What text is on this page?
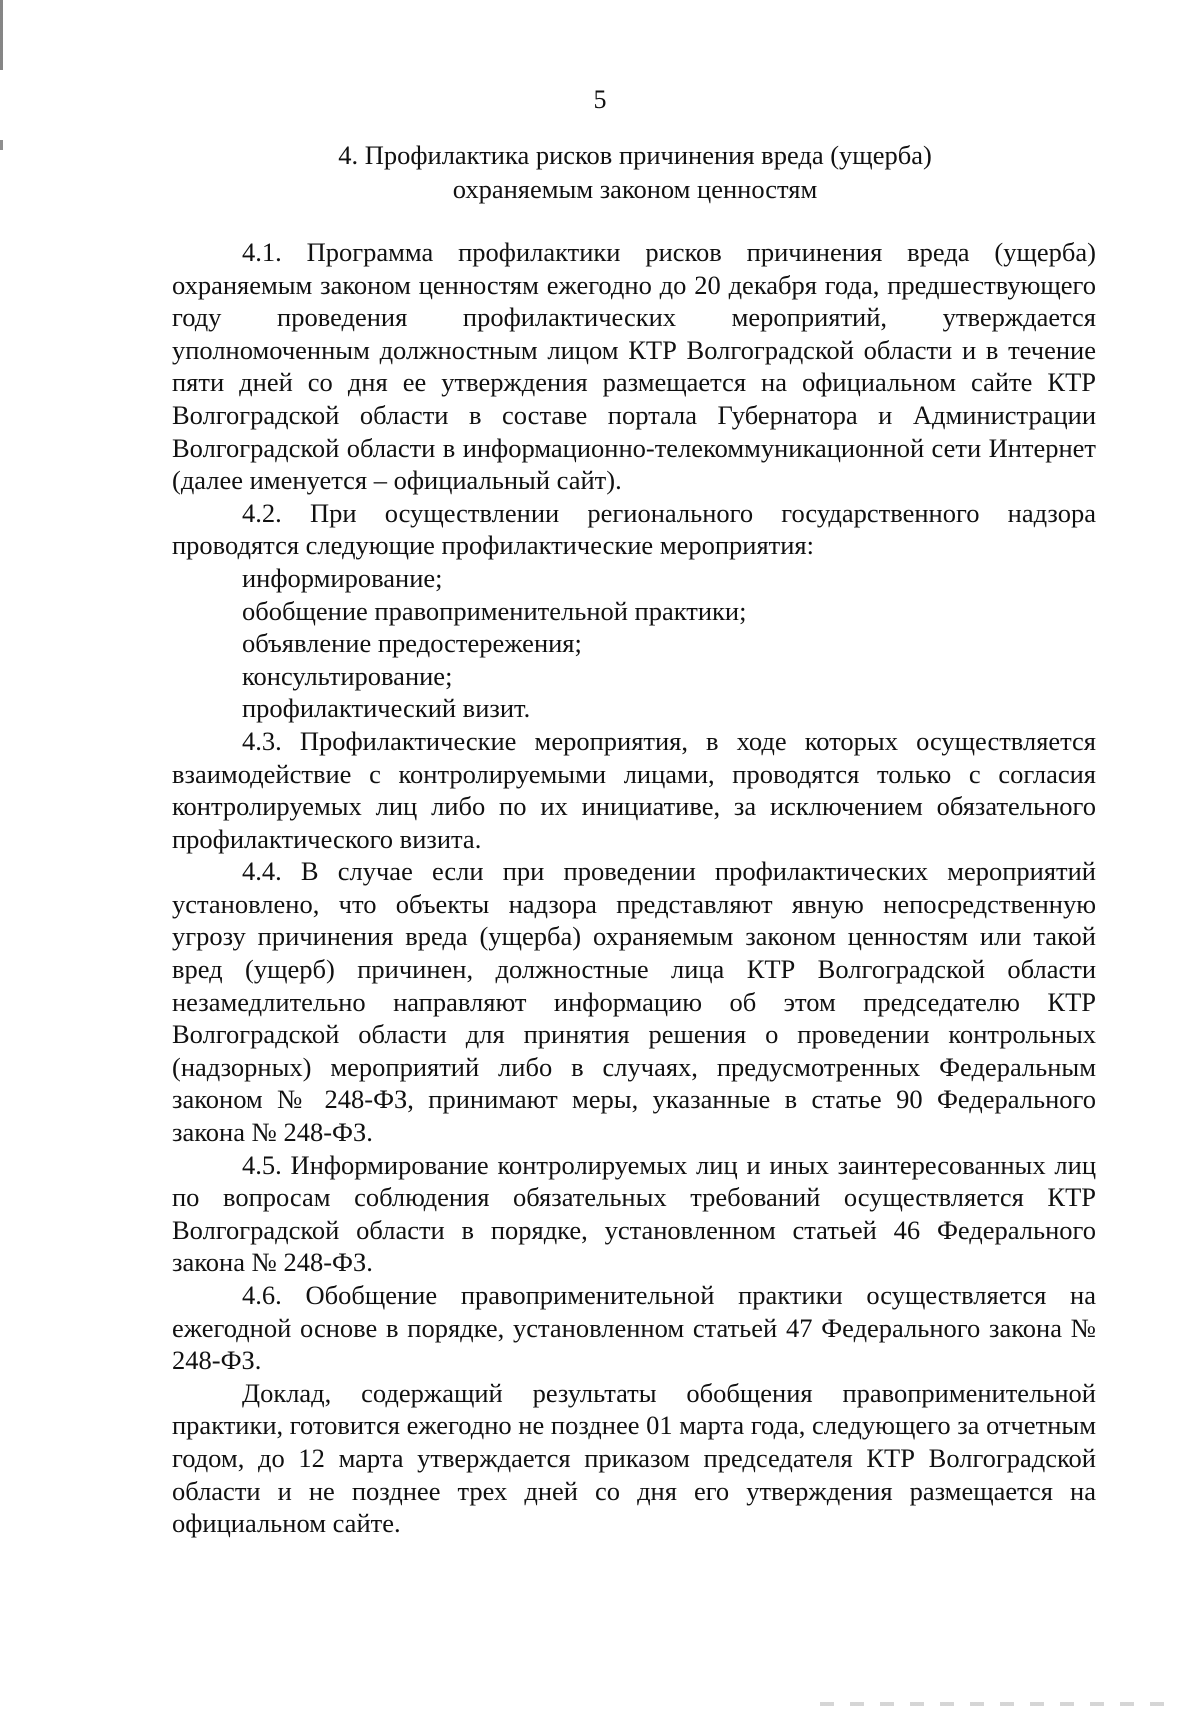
5
4. Профилактика рисков причинения вреда (ущерба)
охраняемым законом ценностям

4.1. Программа профилактики рисков причинения вреда (ущерба) охраняемым законом ценностям ежегодно до 20 декабря года, предшествующего году проведения профилактических мероприятий, утверждается уполномоченным должностным лицом КТР Волгоградской области и в течение пяти дней со дня ее утверждения размещается на официальном сайте КТР Волгоградской области в составе портала Губернатора и Администрации Волгоградской области в информационно-телекоммуникационной сети Интернет (далее именуется – официальный сайт).

4.2. При осуществлении регионального государственного надзора проводятся следующие профилактические мероприятия:

информирование;

обобщение правоприменительной практики;

объявление предостережения;

консультирование;

профилактический визит.

4.3. Профилактические мероприятия, в ходе которых осуществляется взаимодействие с контролируемыми лицами, проводятся только с согласия контролируемых лиц либо по их инициативе, за исключением обязательного профилактического визита.

4.4. В случае если при проведении профилактических мероприятий установлено, что объекты надзора представляют явную непосредственную угрозу причинения вреда (ущерба) охраняемым законом ценностям или такой вред (ущерб) причинен, должностные лица КТР Волгоградской области незамедлительно направляют информацию об этом председателю КТР Волгоградской области для принятия решения о проведении контрольных (надзорных) мероприятий либо в случаях, предусмотренных Федеральным законом № 248-ФЗ, принимают меры, указанные в статье 90 Федерального закона № 248-ФЗ.

4.5. Информирование контролируемых лиц и иных заинтересованных лиц по вопросам соблюдения обязательных требований осуществляется КТР Волгоградской области в порядке, установленном статьей 46 Федерального закона № 248-ФЗ.

4.6. Обобщение правоприменительной практики осуществляется на ежегодной основе в порядке, установленном статьей 47 Федерального закона № 248-ФЗ.

Доклад, содержащий результаты обобщения правоприменительной практики, готовится ежегодно не позднее 01 марта года, следующего за отчетным годом, до 12 марта утверждается приказом председателя КТР Волгоградской области и не позднее трех дней со дня его утверждения размещается на официальном сайте.
